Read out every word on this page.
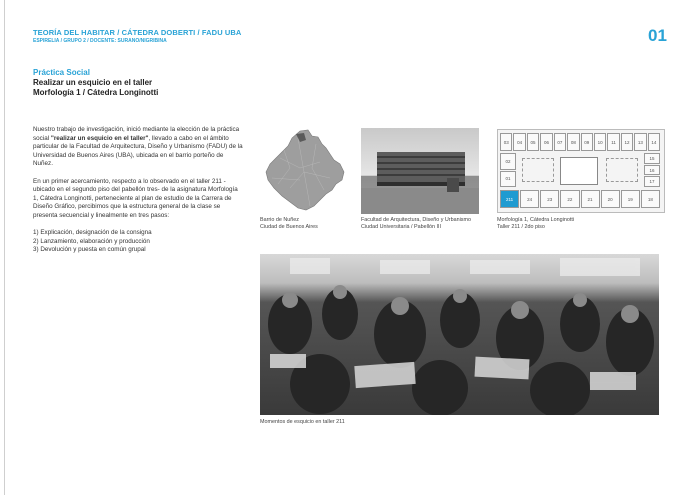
TEORÍA DEL HABITAR / CÁTEDRA DOBERTI / FADU UBA
ESPIRELIA / GRUPO 2 / DOCENTE: SURANO/NIGRIBINA	01
Práctica Social
Realizar un esquicio en el taller
Morfología 1 / Cátedra Longinotti

Nuestro trabajo de investigación, inició mediante la elección de la práctica social "realizar un esquicio en el taller", llevado a cabo en el ámbito particular de la Facultad de Arquitectura, Diseño y Urbanismo (FADU) de la Universidad de Buenos Aires (UBA), ubicada en el barrio porteño de Nuñez.

En un primer acercamiento, respecto a lo observado en el taller 211 -ubicado en el segundo piso del pabellón tres- de la asignatura Morfología 1, Cátedra Longinotti, perteneciente al plan de estudio de la Carrera de Diseño Gráfico, percibimos que la estructura general de la clase se presenta secuencial y linealmente en tres pasos:

1) Explicación, designación de la consigna
2) Lanzamiento, elaboración y producción
3) Devolución y puesta en común grupal
03	04	05	06	07	08	09	10	11	12	13	14
02
01
15
16
17
211	24	23	22	21	20	19	18
Barrio de Nuñez
Ciudad de Buenos Aires
Facultad de Arquitectura, Diseño y Urbanismo
Ciudad Universitaria / Pabellón III
Morfología 1, Cátedra Longinotti
Taller 211 / 2do piso
Momentos de esquicio en taller 211
